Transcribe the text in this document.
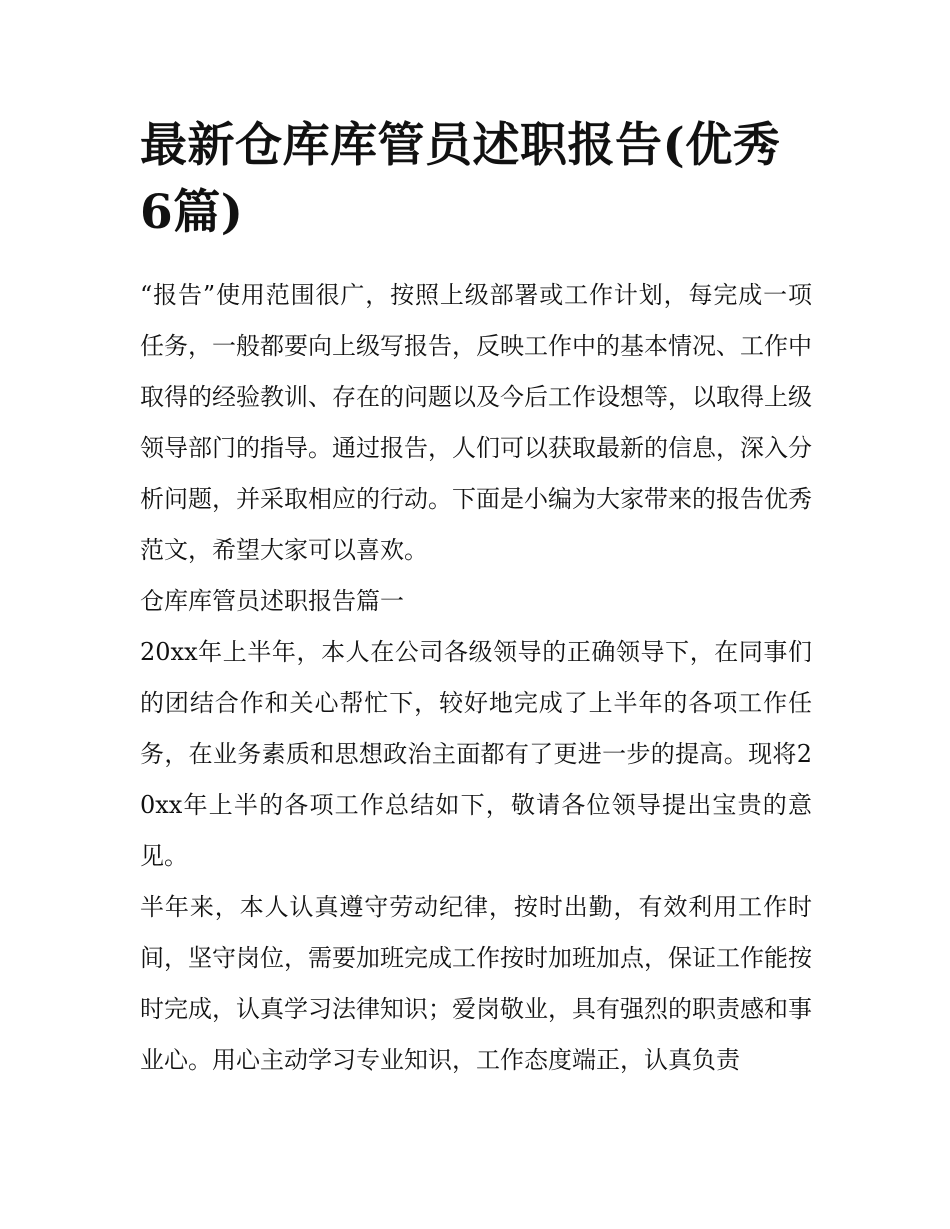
最新仓库库管员述职报告(优秀6篇)

“报告”使用范围很广，按照上级部署或工作计划，每完成一项任务，一般都要向上级写报告，反映工作中的基本情况、工作中取得的经验教训、存在的问题以及今后工作设想等，以取得上级领导部门的指导。通过报告，人们可以获取最新的信息，深入分析问题，并采取相应的行动。下面是小编为大家带来的报告优秀范文，希望大家可以喜欢。

仓库库管员述职报告篇一

20xx年上半年，本人在公司各级领导的正确领导下，在同事们的团结合作和关心帮忙下，较好地完成了上半年的各项工作任务，在业务素质和思想政治主面都有了更进一步的提高。现将20xx年上半的各项工作总结如下，敬请各位领导提出宝贵的意见。

半年来，本人认真遵守劳动纪律，按时出勤，有效利用工作时间，坚守岗位，需要加班完成工作按时加班加点，保证工作能按时完成，认真学习法律知识；爱岗敬业，具有强烈的职责感和事业心。用心主动学习专业知识，工作态度端正，认真负责
